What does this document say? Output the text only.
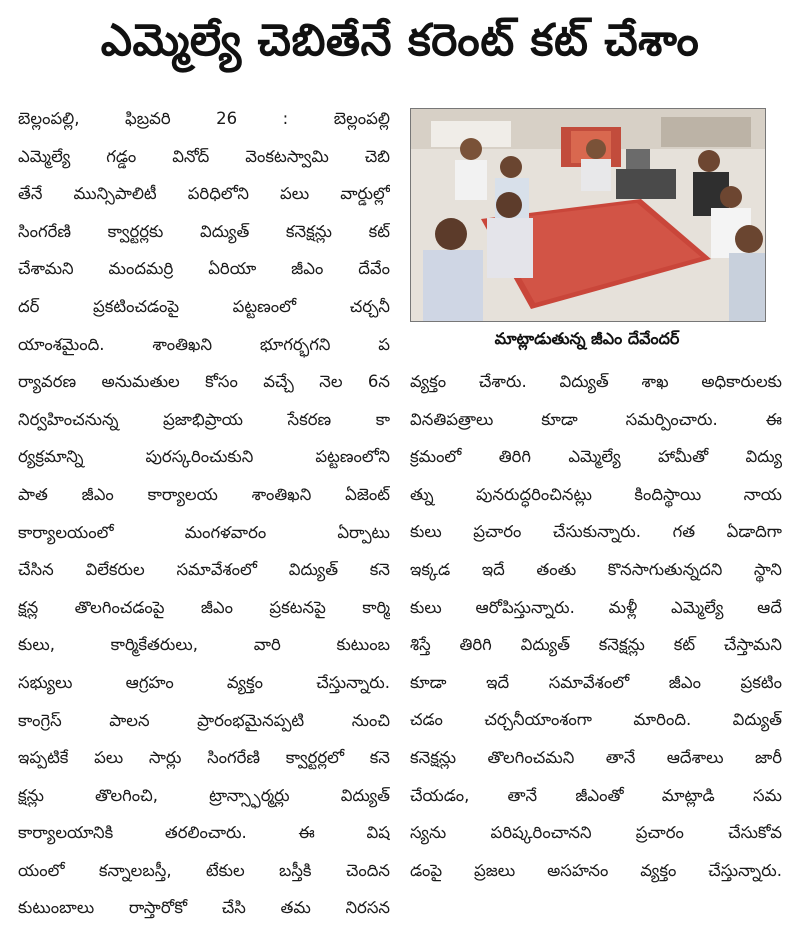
ఎమ్మెల్యే చెబితేనే కరెంట్ కట్ చేశాం
బెల్లంపల్లి, ఫిబ్రవరి 26 : బెల్లంపల్లి
ఎమ్మెల్యే గడ్డం వినోద్ వెంకటస్వామి చెబి
తేనే మున్సిపాలిటీ పరిధిలోని పలు వార్డుల్లో
సింగరేణి క్వార్టర్లకు విద్యుత్ కనెక్షన్లు కట్
చేశామని మందమర్రి ఏరియా జీఎం దేవేం
దర్ ప్రకటించడంపై పట్టణంలో చర్చనీ
యాంశమైంది. శాంతిఖని భూగర్భగని ప
ర్యావరణ అనుమతుల కోసం వచ్చే నెల 6న
నిర్వహించనున్న ప్రజాభిప్రాయ సేకరణ కా
ర్యక్రమాన్ని పురస్కరించుకుని పట్టణంలోని
పాత జీఎం కార్యాలయ శాంతిఖని ఏజెంట్
కార్యాలయంలో మంగళవారం ఏర్పాటు
చేసిన విలేకరుల సమావేశంలో విద్యుత్ కనె
క్షన్ల తొలగించడంపై జీఎం ప్రకటనపై కార్మి
కులు, కార్మికేతరులు, వారి కుటుంబ
సభ్యులు ఆగ్రహం వ్యక్తం చేస్తున్నారు.
కాంగ్రెస్ పాలన ప్రారంభమైనప్పటి నుంచి
ఇప్పటికే పలు సార్లు సింగరేణి క్వార్టర్లలో కనె
క్షన్లు తొలగించి, ట్రాన్స్ఫార్మర్లు విద్యుత్
కార్యాలయానికి తరలించారు. ఈ విష
యంలో కన్నాలబస్తీ, టేకుల బస్తీకి చెందిన
కుటుంబాలు రాస్తారోకో చేసి తమ నిరసన
మాట్లాడుతున్న జీఎం దేవేందర్
వ్యక్తం చేశారు. విద్యుత్ శాఖ అధికారులకు
వినతిపత్రాలు కూడా సమర్పించారు. ఈ
క్రమంలో తిరిగి ఎమ్మెల్యే హామీతో విద్యు
త్ను పునరుద్ధరించినట్లు కిందిస్థాయి నాయ
కులు ప్రచారం చేసుకున్నారు. గత ఏడాదిగా
ఇక్కడ ఇదే తంతు కొనసాగుతున్నదని స్థాని
కులు ఆరోపిస్తున్నారు. మళ్లీ ఎమ్మెల్యే ఆదే
శిస్తే తిరిగి విద్యుత్ కనెక్షన్లు కట్ చేస్తామని
కూడా ఇదే సమావేశంలో జీఎం ప్రకటిం
చడం చర్చనీయాంశంగా మారింది. విద్యుత్
కనెక్షన్లు తొలగించమని తానే ఆదేశాలు జారీ
చేయడం, తానే జీఎంతో మాట్లాడి సమ
స్యను పరిష్కరించానని ప్రచారం చేసుకోవ
డంపై ప్రజలు అసహనం వ్యక్తం చేస్తున్నారు.
